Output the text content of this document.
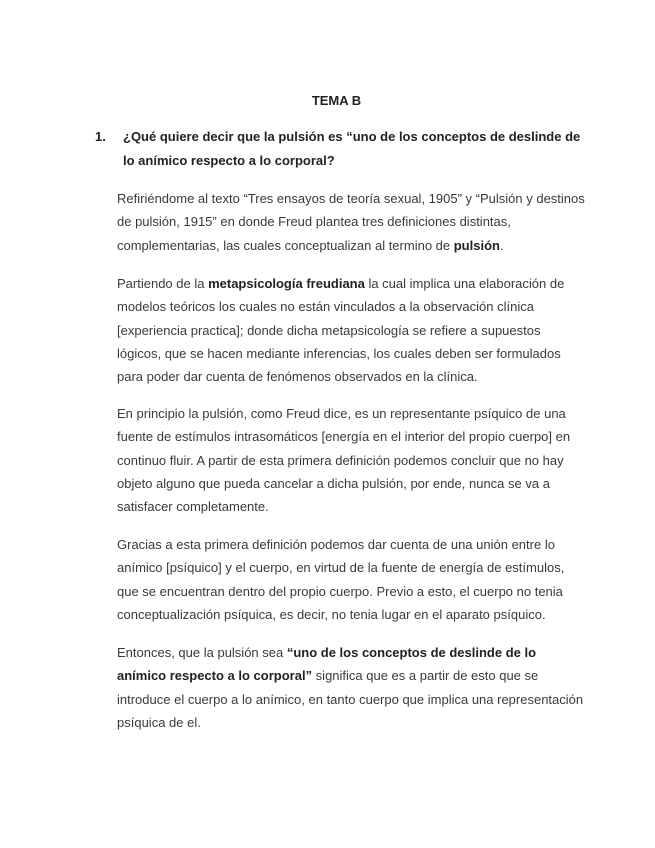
TEMA B
1. ¿Qué quiere decir que la pulsión es “uno de los conceptos de deslinde de
lo anímico respecto a lo corporal?
Refiriéndome al texto “Tres ensayos de teoría sexual, 1905” y “Pulsión y destinos
de pulsión, 1915” en donde Freud plantea tres definiciones distintas,
complementarias, las cuales conceptualizan al termino de pulsión.
Partiendo de la metapsicología freudiana la cual implica una elaboración de
modelos teóricos los cuales no están vinculados a la observación clínica
[experiencia practica]; donde dicha metapsicología se refiere a supuestos
lógicos, que se hacen mediante inferencias, los cuales deben ser formulados
para poder dar cuenta de fenómenos observados en la clínica.
En principio la pulsión, como Freud dice, es un representante psíquico de una
fuente de estímulos intrasomáticos [energía en el interior del propio cuerpo] en
continuo fluir. A partir de esta primera definición podemos concluir que no hay
objeto alguno que pueda cancelar a dicha pulsión, por ende, nunca se va a
satisfacer completamente.
Gracias a esta primera definición podemos dar cuenta de una unión entre lo
anímico [psíquico] y el cuerpo, en virtud de la fuente de energía de estímulos,
que se encuentran dentro del propio cuerpo. Previo a esto, el cuerpo no tenia
conceptualización psíquica, es decir, no tenia lugar en el aparato psíquico.
Entonces, que la pulsión sea “uno de los conceptos de deslinde de lo
anímico respecto a lo corporal” significa que es a partir de esto que se
introduce el cuerpo a lo anímico, en tanto cuerpo que implica una representación
psíquica de el.
